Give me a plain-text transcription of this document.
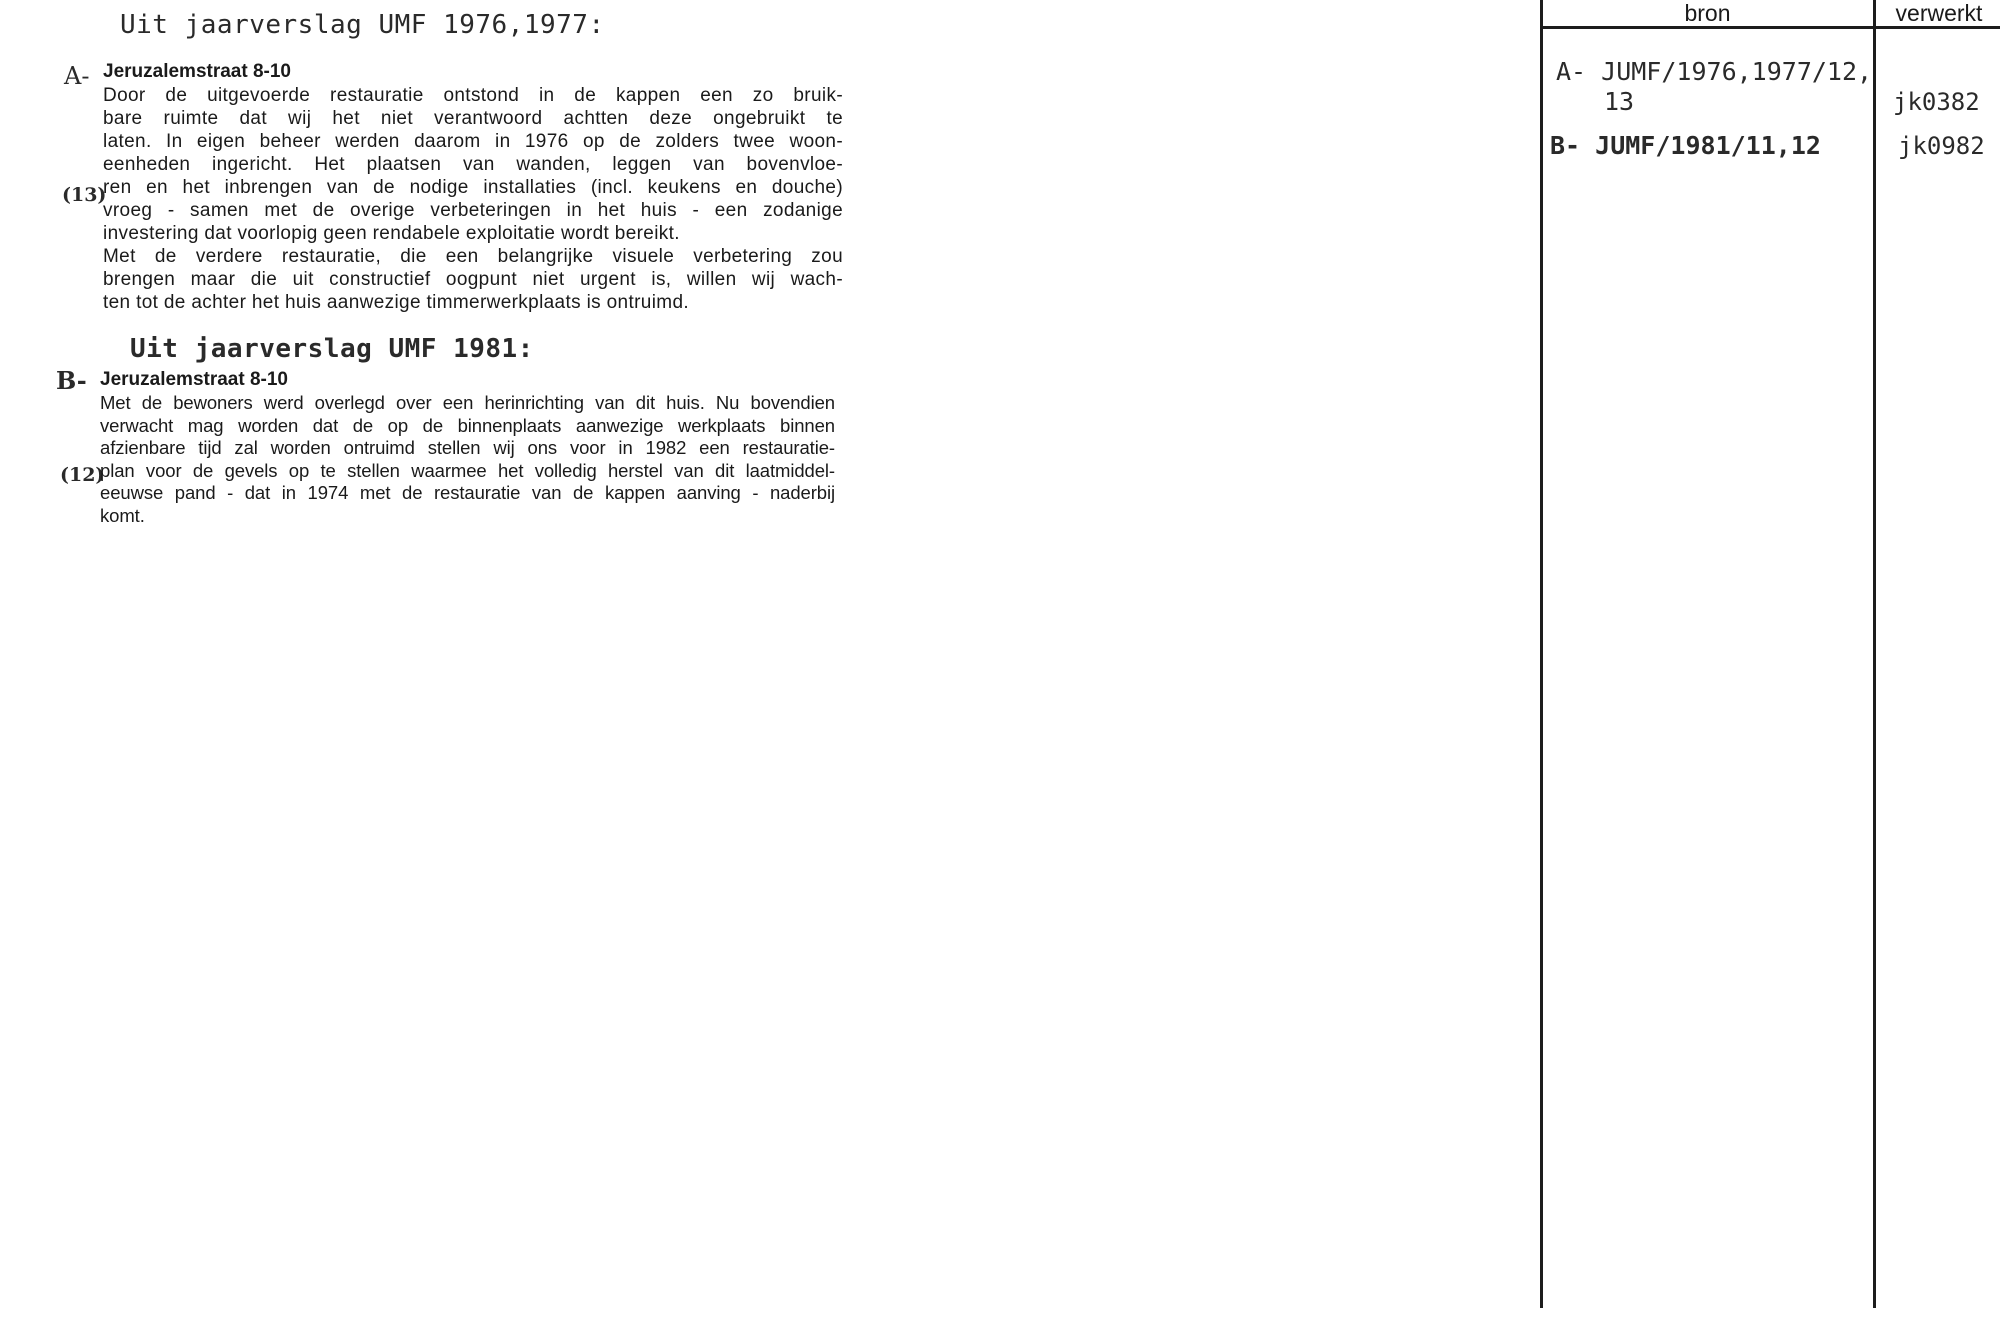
Uit jaarverslag UMF 1976,1977:
A-
(13)

Jeruzalemstraat 8-10

Door de uitgevoerde restauratie ontstond in de kappen een zo bruik-

bare ruimte dat wij het niet verantwoord achtten deze ongebruikt te

laten. In eigen beheer werden daarom in 1976 op de zolders twee woon-

eenheden ingericht. Het plaatsen van wanden, leggen van bovenvloe-

ren en het inbrengen van de nodige installaties (incl. keukens en douche)

vroeg - samen met de overige verbeteringen in het huis - een zodanige

investering dat voorlopig geen rendabele exploitatie wordt bereikt.

Met de verdere restauratie, die een belangrijke visuele verbetering zou

brengen maar die uit constructief oogpunt niet urgent is, willen wij wach-

ten tot de achter het huis aanwezige timmerwerkplaats is ontruimd.

Uit jaarverslag UMF 1981:
B-
(12)

Jeruzalemstraat 8-10

Met de bewoners werd overlegd over een herinrichting van dit huis. Nu bovendien

verwacht mag worden dat de op de binnenplaats aanwezige werkplaats binnen

afzienbare tijd zal worden ontruimd stellen wij ons voor in 1982 een restauratie-

plan voor de gevels op te stellen waarmee het volledig herstel van dit laatmiddel-

eeuwse pand - dat in 1974 met de restauratie van de kappen aanving - naderbij

komt.

bron	verwerkt
A- JUMF/1976,1977/12,
13	jk0382
B- JUMF/1981/11,12	jk0982
